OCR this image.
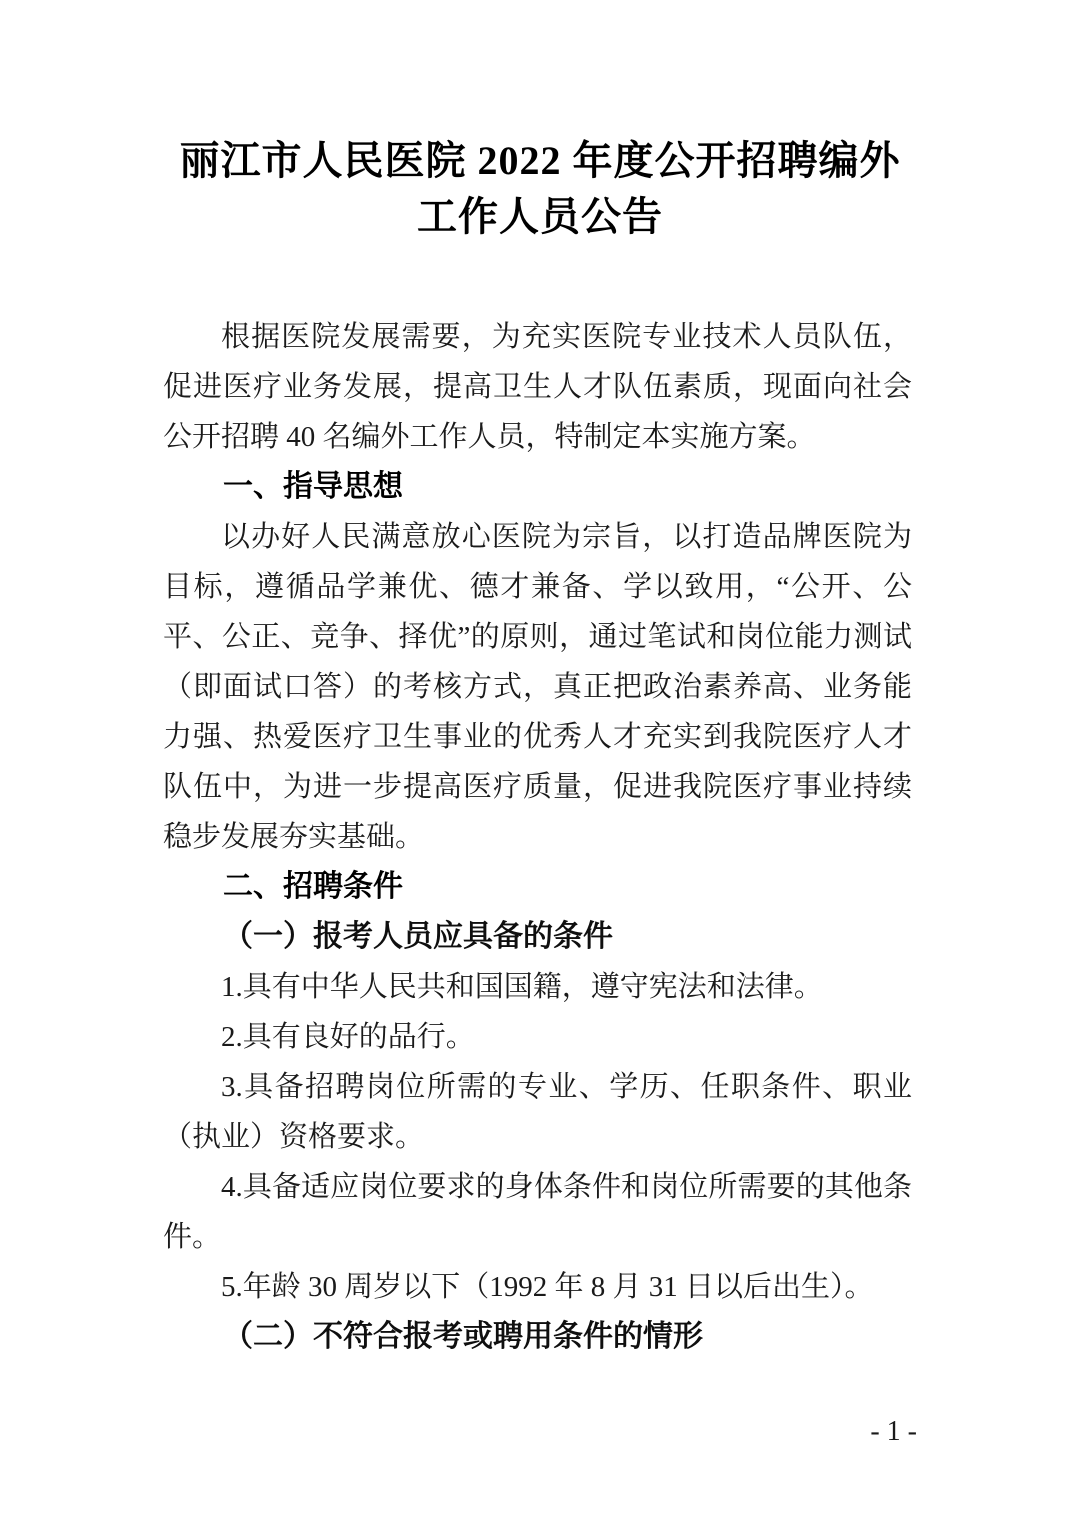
丽江市人民医院 2022 年度公开招聘编外
工作人员公告

根据医院发展需要，为充实医院专业技术人员队伍，促进医疗业务发展，提高卫生人才队伍素质，现面向社会公开招聘 40 名编外工作人员，特制定本实施方案。

一、指导思想

以办好人民满意放心医院为宗旨，以打造品牌医院为目标，遵循品学兼优、德才兼备、学以致用，“公开、公平、公正、竞争、择优”的原则，通过笔试和岗位能力测试（即面试口答）的考核方式，真正把政治素养高、业务能力强、热爱医疗卫生事业的优秀人才充实到我院医疗人才队伍中，为进一步提高医疗质量，促进我院医疗事业持续稳步发展夯实基础。

二、招聘条件

（一）报考人员应具备的条件

1.具有中华人民共和国国籍，遵守宪法和法律。

2.具有良好的品行。

3.具备招聘岗位所需的专业、学历、任职条件、职业（执业）资格要求。

4.具备适应岗位要求的身体条件和岗位所需要的其他条件。

5.年龄 30 周岁以下（1992 年 8 月 31 日以后出生）。

（二）不符合报考或聘用条件的情形

- 1 -
